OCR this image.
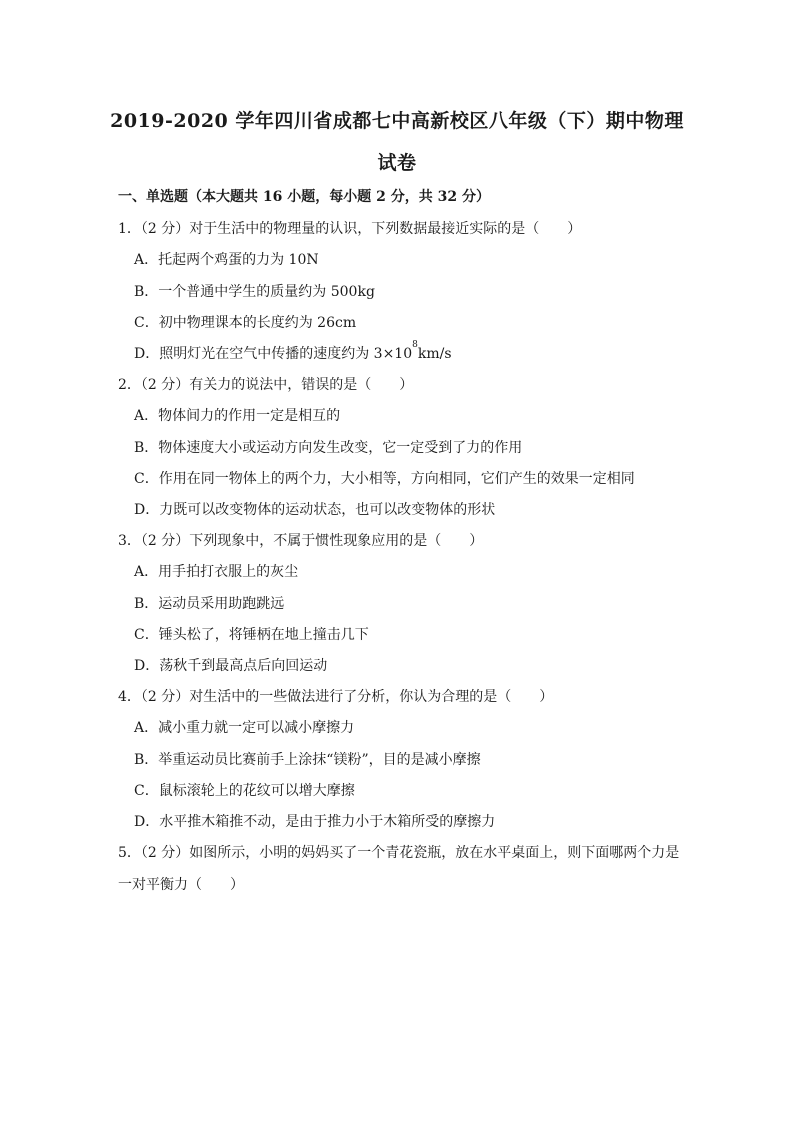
2019-2020 学年四川省成都七中高新校区八年级（下）期中物理
试卷
一、单选题（本大题共 16 小题，每小题 2 分，共 32 分）
1．（2 分）对于生活中的物理量的认识，下列数据最接近实际的是（　　）
A．托起两个鸡蛋的力为 10N
B．一个普通中学生的质量约为 500kg
C．初中物理课本的长度约为 26cm
D．照明灯光在空气中传播的速度约为 $3\times 10^8km/s$
2．（2 分）有关力的说法中，错误的是（　　）
A．物体间力的作用一定是相互的
B．物体速度大小或运动方向发生改变，它一定受到了力的作用
C．作用在同一物体上的两个力，大小相等，方向相同，它们产生的效果一定相同
D．力既可以改变物体的运动状态，也可以改变物体的形状
3．（2 分）下列现象中，不属于惯性现象应用的是（　　）
A．用手拍打衣服上的灰尘
B．运动员采用助跑跳远
C．锤头松了，将锤柄在地上撞击几下
D．荡秋千到最高点后向回运动
4．（2 分）对生活中的一些做法进行了分析，你认为合理的是（　　）
A．减小重力就一定可以减小摩擦力
B．举重运动员比赛前手上涂抹“镁粉”，目的是减小摩擦
C．鼠标滚轮上的花纹可以增大摩擦
D．水平推木箱推不动，是由于推力小于木箱所受的摩擦力
5．（2 分）如图所示，小明的妈妈买了一个青花瓷瓶，放在水平桌面上，则下面哪两个力是
一对平衡力（　　）
